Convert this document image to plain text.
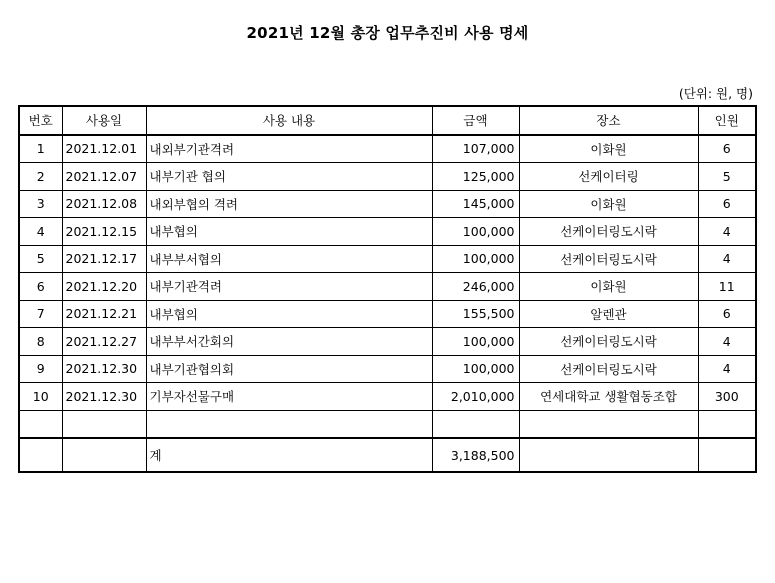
2021년 12월 총장 업무추진비 사용 명세
(단위: 원, 명)
번호	사용일	사용 내용	금액	장소	인원
1	2021.12.01	내외부기관격려	107,000	이화원	6
2	2021.12.07	내부기관 협의	125,000	선케이터링	5
3	2021.12.08	내외부협의 격려	145,000	이화원	6
4	2021.12.15	내부협의	100,000	선케이터링도시락	4
5	2021.12.17	내부부서협의	100,000	선케이터링도시락	4
6	2021.12.20	내부기관격려	246,000	이화원	11
7	2021.12.21	내부협의	155,500	알렌관	6
8	2021.12.27	내부부서간회의	100,000	선케이터링도시락	4
9	2021.12.30	내부기관협의회	100,000	선케이터링도시락	4
10	2021.12.30	기부자선물구매	2,010,000	연세대학교 생활협동조합	300

		계	3,188,500		
